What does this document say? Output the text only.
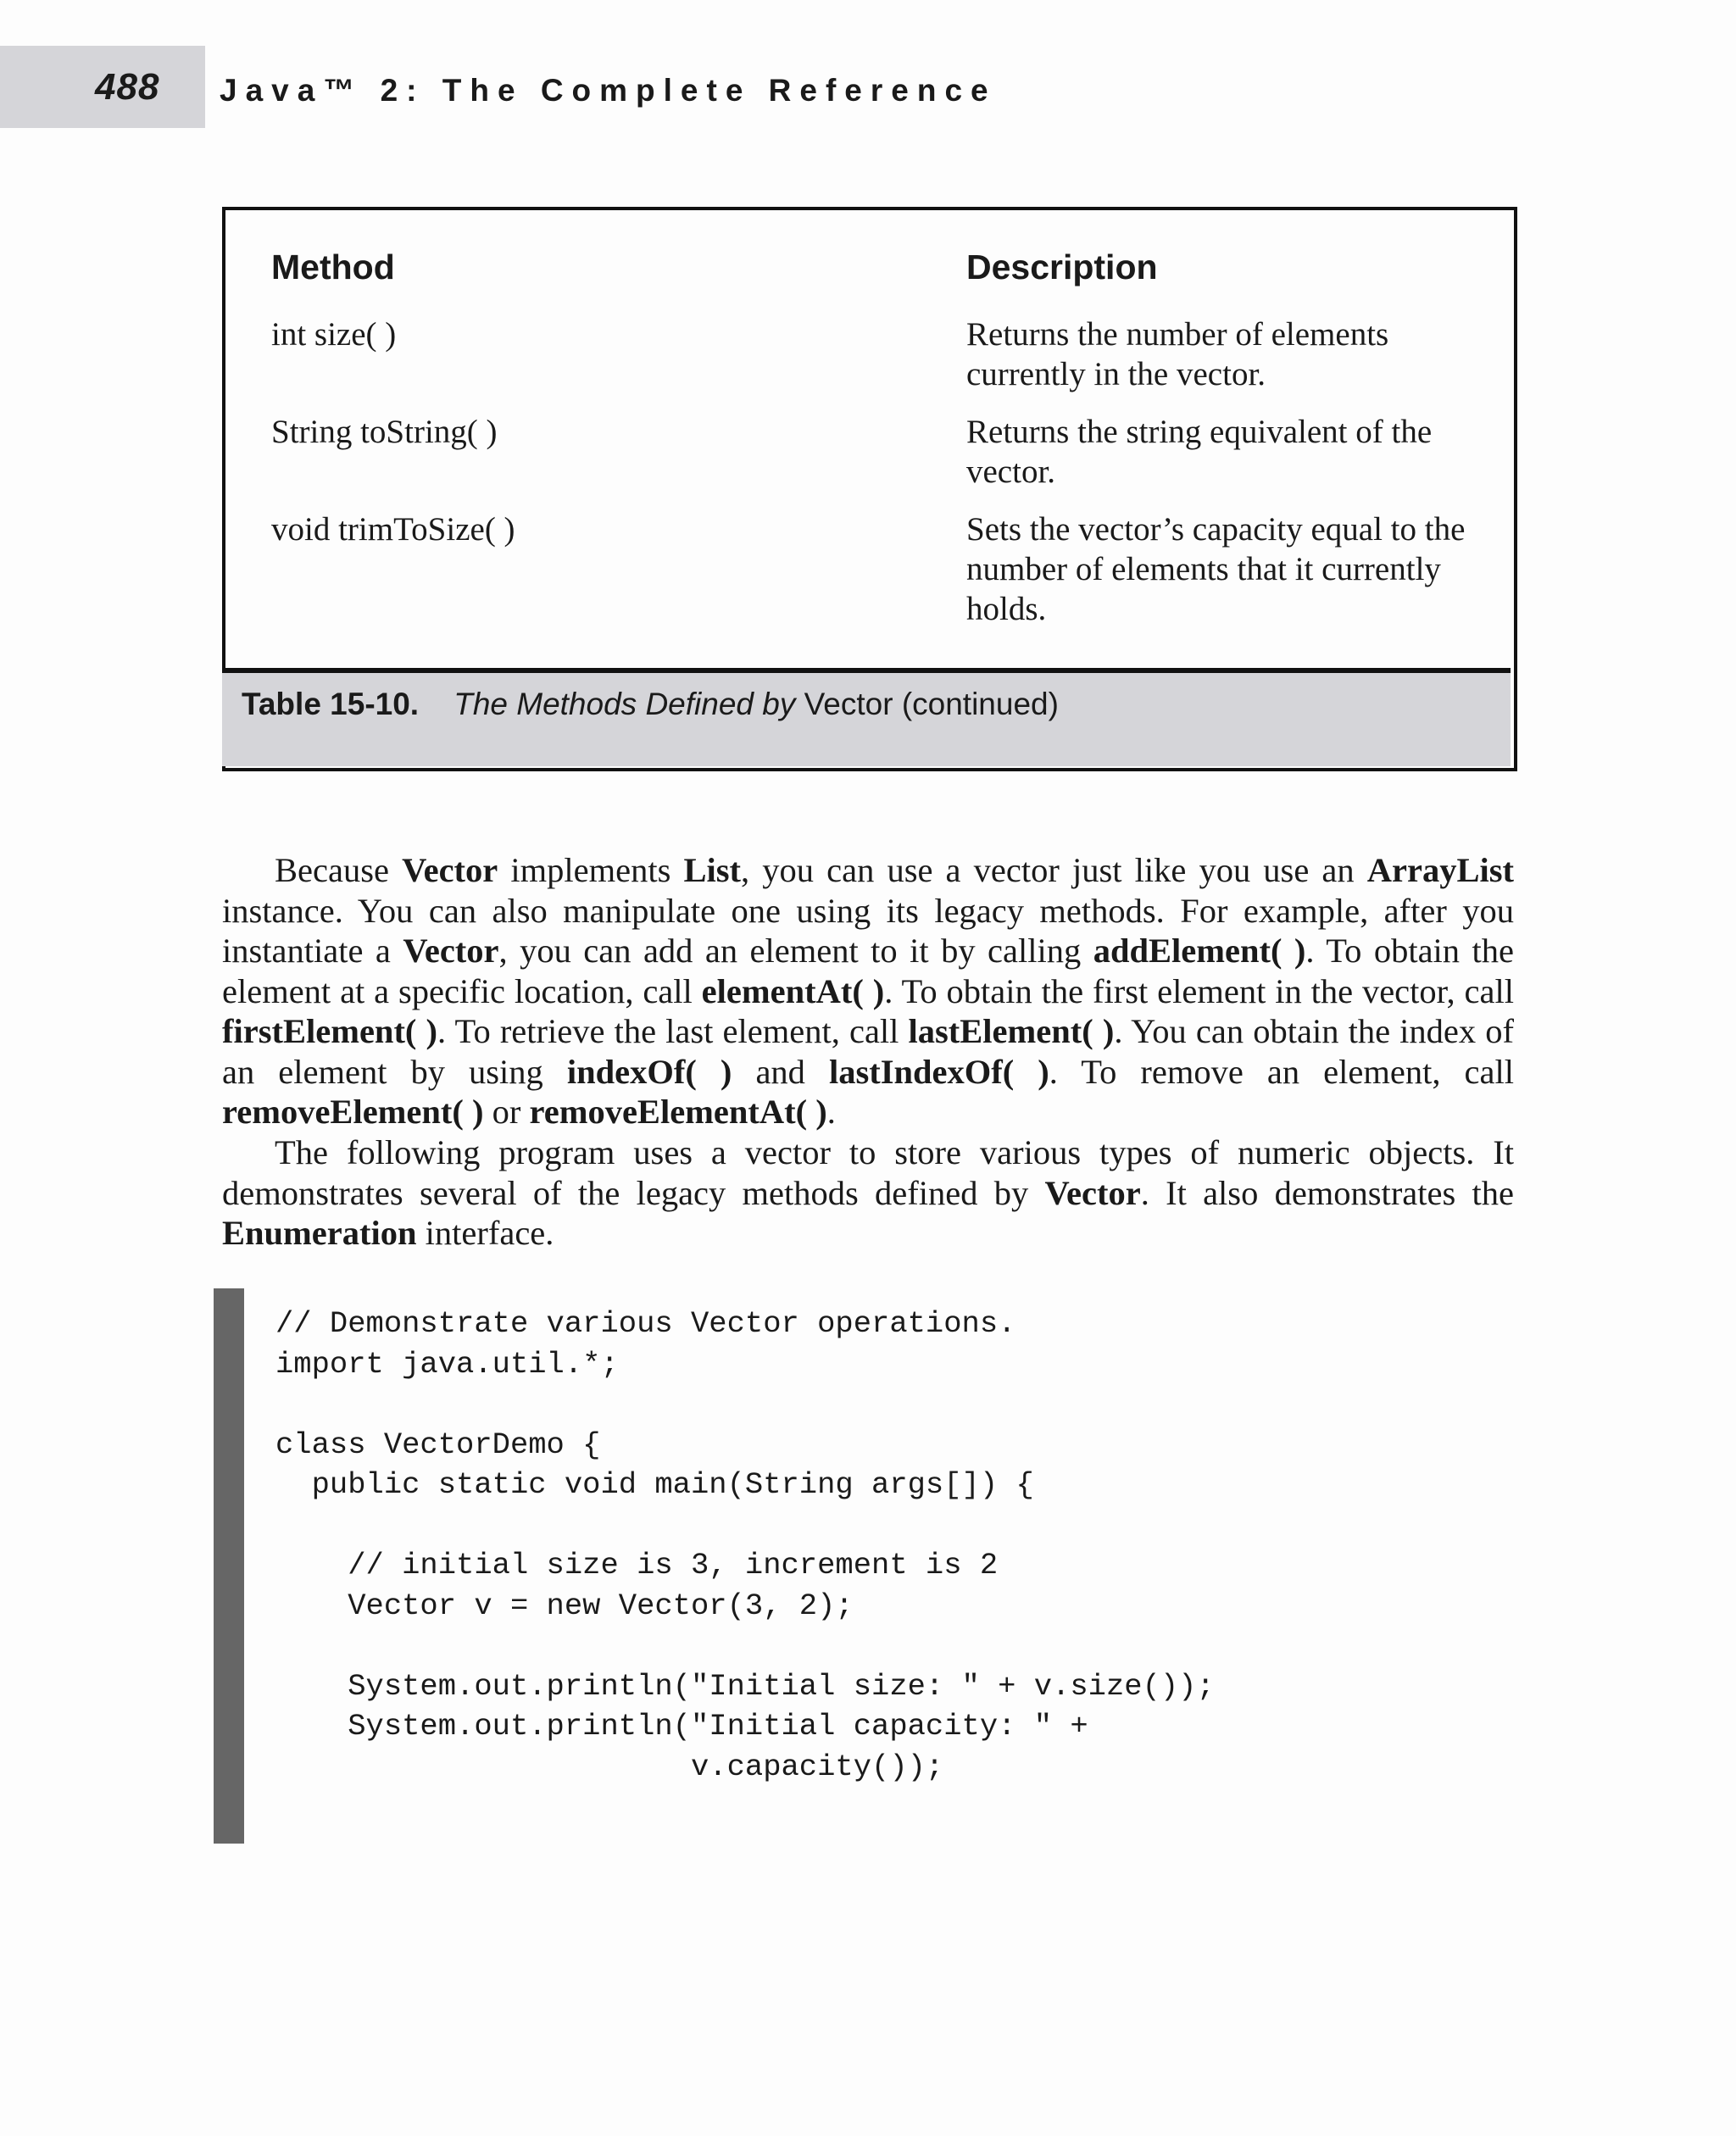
488 Java™ 2: The Complete Reference
Method	Description
int size( )	Returns the number of elements currently in the vector.
String toString( )	Returns the string equivalent of the vector.
void trimToSize( )	Sets the vector’s capacity equal to the number of elements that it currently holds.
Table 15-10. The Methods Defined by Vector (continued)
Because Vector implements List, you can use a vector just like you use an ArrayList instance. You can also manipulate one using its legacy methods. For example, after you instantiate a Vector, you can add an element to it by calling addElement( ). To obtain the element at a specific location, call elementAt( ). To obtain the first element in the vector, call firstElement( ). To retrieve the last element, call lastElement( ). You can obtain the index of an element by using indexOf( ) and lastIndexOf( ). To remove an element, call removeElement( ) or removeElementAt( ).
The following program uses a vector to store various types of numeric objects. It demonstrates several of the legacy methods defined by Vector. It also demonstrates the Enumeration interface.
// Demonstrate various Vector operations.
import java.util.*;

class VectorDemo {
public static void main(String args[]) {

// initial size is 3, increment is 2
Vector v = new Vector(3, 2);

System.out.println("Initial size: " + v.size());
System.out.println("Initial capacity: " +
v.capacity());
